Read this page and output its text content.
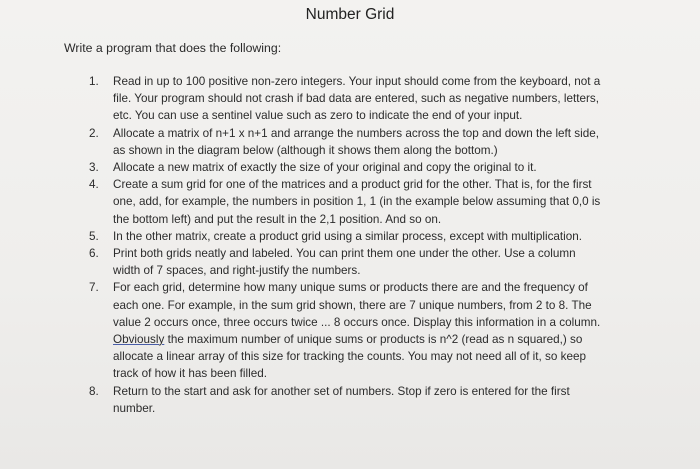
Number Grid
Write a program that does the following:
1.	Read in up to 100 positive non-zero integers. Your input should come from the keyboard, not a
file. Your program should not crash if bad data are entered, such as negative numbers, letters,
etc. You can use a sentinel value such as zero to indicate the end of your input.
2.	Allocate a matrix of n+1 x n+1 and arrange the numbers across the top and down the left side,
as shown in the diagram below (although it shows them along the bottom.)
3.	Allocate a new matrix of exactly the size of your original and copy the original to it.
4.	Create a sum grid for one of the matrices and a product grid for the other. That is, for the first
one, add, for example, the numbers in position 1, 1 (in the example below assuming that 0,0 is
the bottom left) and put the result in the 2,1 position. And so on.
5.	In the other matrix, create a product grid using a similar process, except with multiplication.
6.	Print both grids neatly and labeled. You can print them one under the other. Use a column
width of 7 spaces, and right-justify the numbers.
7.	For each grid, determine how many unique sums or products there are and the frequency of
each one. For example, in the sum grid shown, there are 7 unique numbers, from 2 to 8. The
value 2 occurs once, three occurs twice ... 8 occurs once. Display this information in a column.
Obviously the maximum number of unique sums or products is n^2 (read as n squared,) so
allocate a linear array of this size for tracking the counts. You may not need all of it, so keep
track of how it has been filled.
8.	Return to the start and ask for another set of numbers. Stop if zero is entered for the first
number.
